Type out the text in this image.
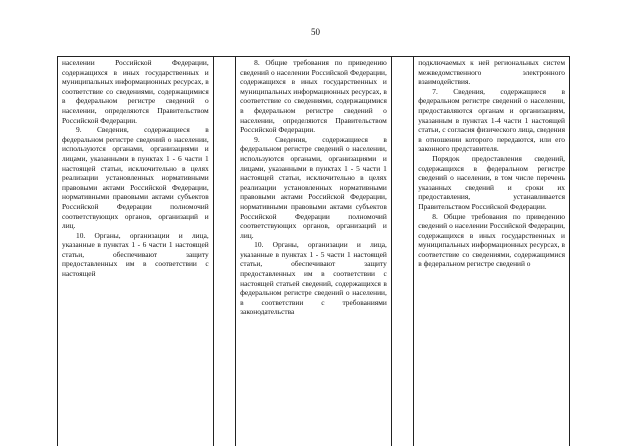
50

населении Российской Федерации, содержащихся в иных государственных и муниципальных информационных ресурсах, в соответствие со сведениями, содержащимися в федеральном регистре сведений о населении, определяются Правительством Российской Федерации.

9. Сведения, содержащиеся в федеральном регистре сведений о населении, используются органами, организациями и лицами, указанными в пунктах 1 - 6 части 1 настоящей статьи, исключительно в целях реализации установленных нормативными правовыми актами Российской Федерации, нормативными правовыми актами субъектов Российской Федерации полномочий соответствующих органов, организаций и лиц.

10. Органы, организации и лица, указанные в пунктах 1 - 6 части 1 настоящей статьи, обеспечивают защиту предоставленных им в соответствии с настоящей

8. Общие требования по приведению сведений о населении Российской Федерации, содержащихся в иных государственных и муниципальных информационных ресурсах, в соответствие со сведениями, содержащимися в федеральном регистре сведений о населении, определяются Правительством Российской Федерации.

9. Сведения, содержащиеся в федеральном регистре сведений о населении, используются органами, организациями и лицами, указанными в пунктах 1 - 5 части 1 настоящей статьи, исключительно в целях реализации установленных нормативными правовыми актами Российской Федерации, нормативными правовыми актами субъектов Российской Федерации полномочий соответствующих органов, организаций и лиц.

10. Органы, организации и лица, указанные в пунктах 1 - 5 части 1 настоящей статьи, обеспечивают защиту предоставленных им в соответствии с настоящей статьей сведений, содержащихся в федеральном регистре сведений о населении, в соответствии с требованиями законодательства

подключаемых к ней региональных систем межведомственного электронного взаимодействия.

7. Сведения, содержащиеся в федеральном регистре сведений о населении, предоставляются органам и организациям, указанным в пунктах 1-4 части 1 настоящей статьи, с согласия физического лица, сведения в отношении которого передаются, или его законного представителя.

Порядок предоставления сведений, содержащихся в федеральном регистре сведений о населении, в том числе перечень указанных сведений и сроки их предоставления, устанавливается Правительством Российской Федерации.

8. Общие требования по приведению сведений о населении Российской Федерации, содержащихся в иных государственных и муниципальных информационных ресурсах, в соответствие со сведениями, содержащимися в федеральном регистре сведений о
